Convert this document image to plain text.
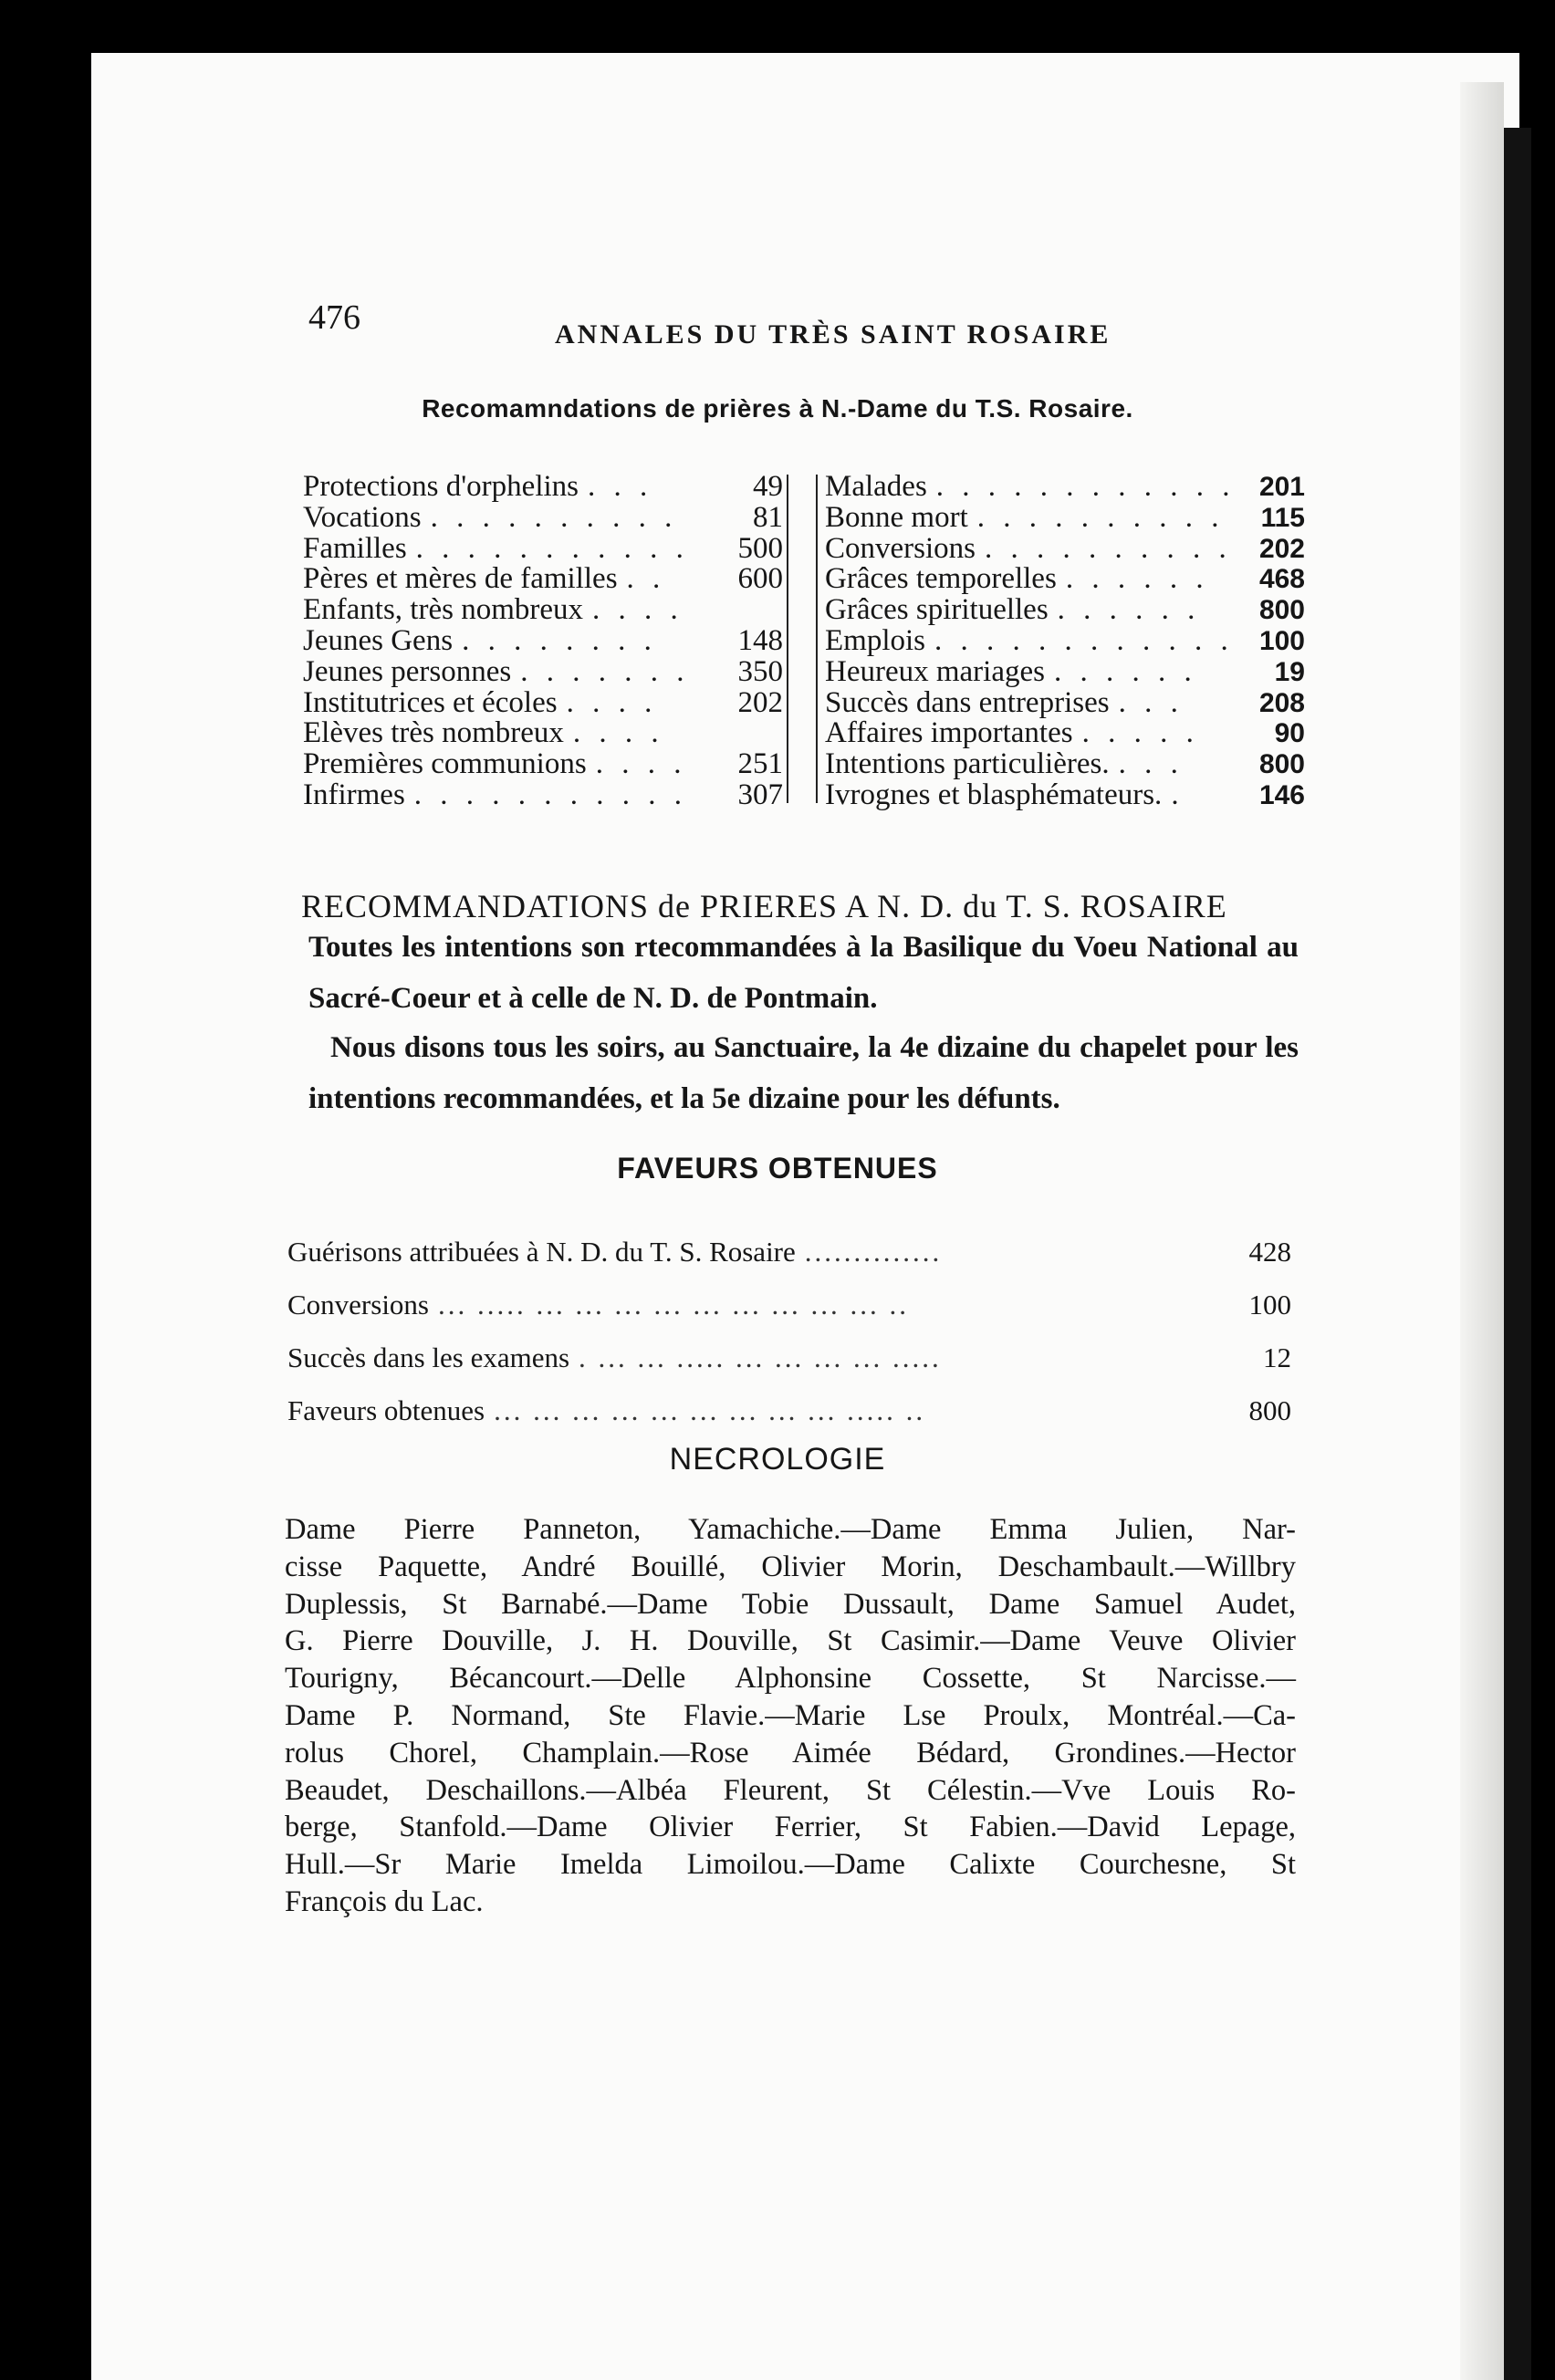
476	ANNALES DU TRÈS SAINT ROSAIRE
Recomamndations de prières à N.-Dame du T.S. Rosaire.
Protections d'orphelins . . .	49
Vocations . . . . . . . . . .	81
Familles . . . . . . . . . . . 500
Pères et mères de familles . . 600
Enfants, très nombreux . . . .
Jeunes Gens . . . . . . . .	148
Jeunes personnes . . . . . . . 350
Institutrices et écoles . . . .	202
Elèves très nombreux . . . .
Premières communions . . . . 251
Infirmes . . . . . . . . . . . 307
Malades . . . . . . . . . . . . 201
Bonne mort . . . . . . . . . . 115
Conversions . . . . . . . . . . 202
Grâces temporelles . . . . . . 468
Grâces spirituelles . . . . . . 800
Emplois . . . . . . . . . . . . 100
Heureux mariages . . . . . .	19
Succès dans entreprises . . .	208
Affaires importantes . . . . .	90
Intentions particulières. . . .	800
Ivrognes et blasphémateurs. .	146
RECOMMANDATIONS de PRIERES A N. D. du T. S. ROSAIRE
Toutes les intentions son rtecommandées à la Basilique du Voeu National au Sacré-Coeur et à celle de N. D. de Pontmain.
Nous disons tous les soirs, au Sanctuaire, la 4e dizaine du chapelet pour les intentions recommandées, et la 5e dizaine pour les défunts.
FAVEURS OBTENUES
Guérisons attribuées à N. D. du T. S. Rosaire ..............	428
Conversions ... ..... ... ... ... ... ... ... ... ... ... ..	100
Succès dans les examens . ... ... ..... ... ... ... ... .....	12
Faveurs obtenues ... ... ... ... ... ... ... ... ... ..... ..	800
NECROLOGIE
Dame Pierre Panneton, Yamachiche.—Dame Emma Julien, Nar-
cisse Paquette, André Bouillé, Olivier Morin, Deschambault.—Willbry
Duplessis, St Barnabé.—Dame Tobie Dussault, Dame Samuel Audet,
G. Pierre Douville, J. H. Douville, St Casimir.—Dame Veuve Olivier
Tourigny, Bécancourt.—Delle Alphonsine Cossette, St Narcisse.—
Dame P. Normand, Ste Flavie.—Marie Lse Proulx, Montréal.—Ca-
rolus Chorel, Champlain.—Rose Aimée Bédard, Grondines.—Hector
Beaudet, Deschaillons.—Albéa Fleurent, St Célestin.—Vve Louis Ro-
berge, Stanfold.—Dame Olivier Ferrier, St Fabien.—David Lepage,
Hull.—Sr Marie Imelda Limoilou.—Dame Calixte Courchesne, St
François du Lac.
